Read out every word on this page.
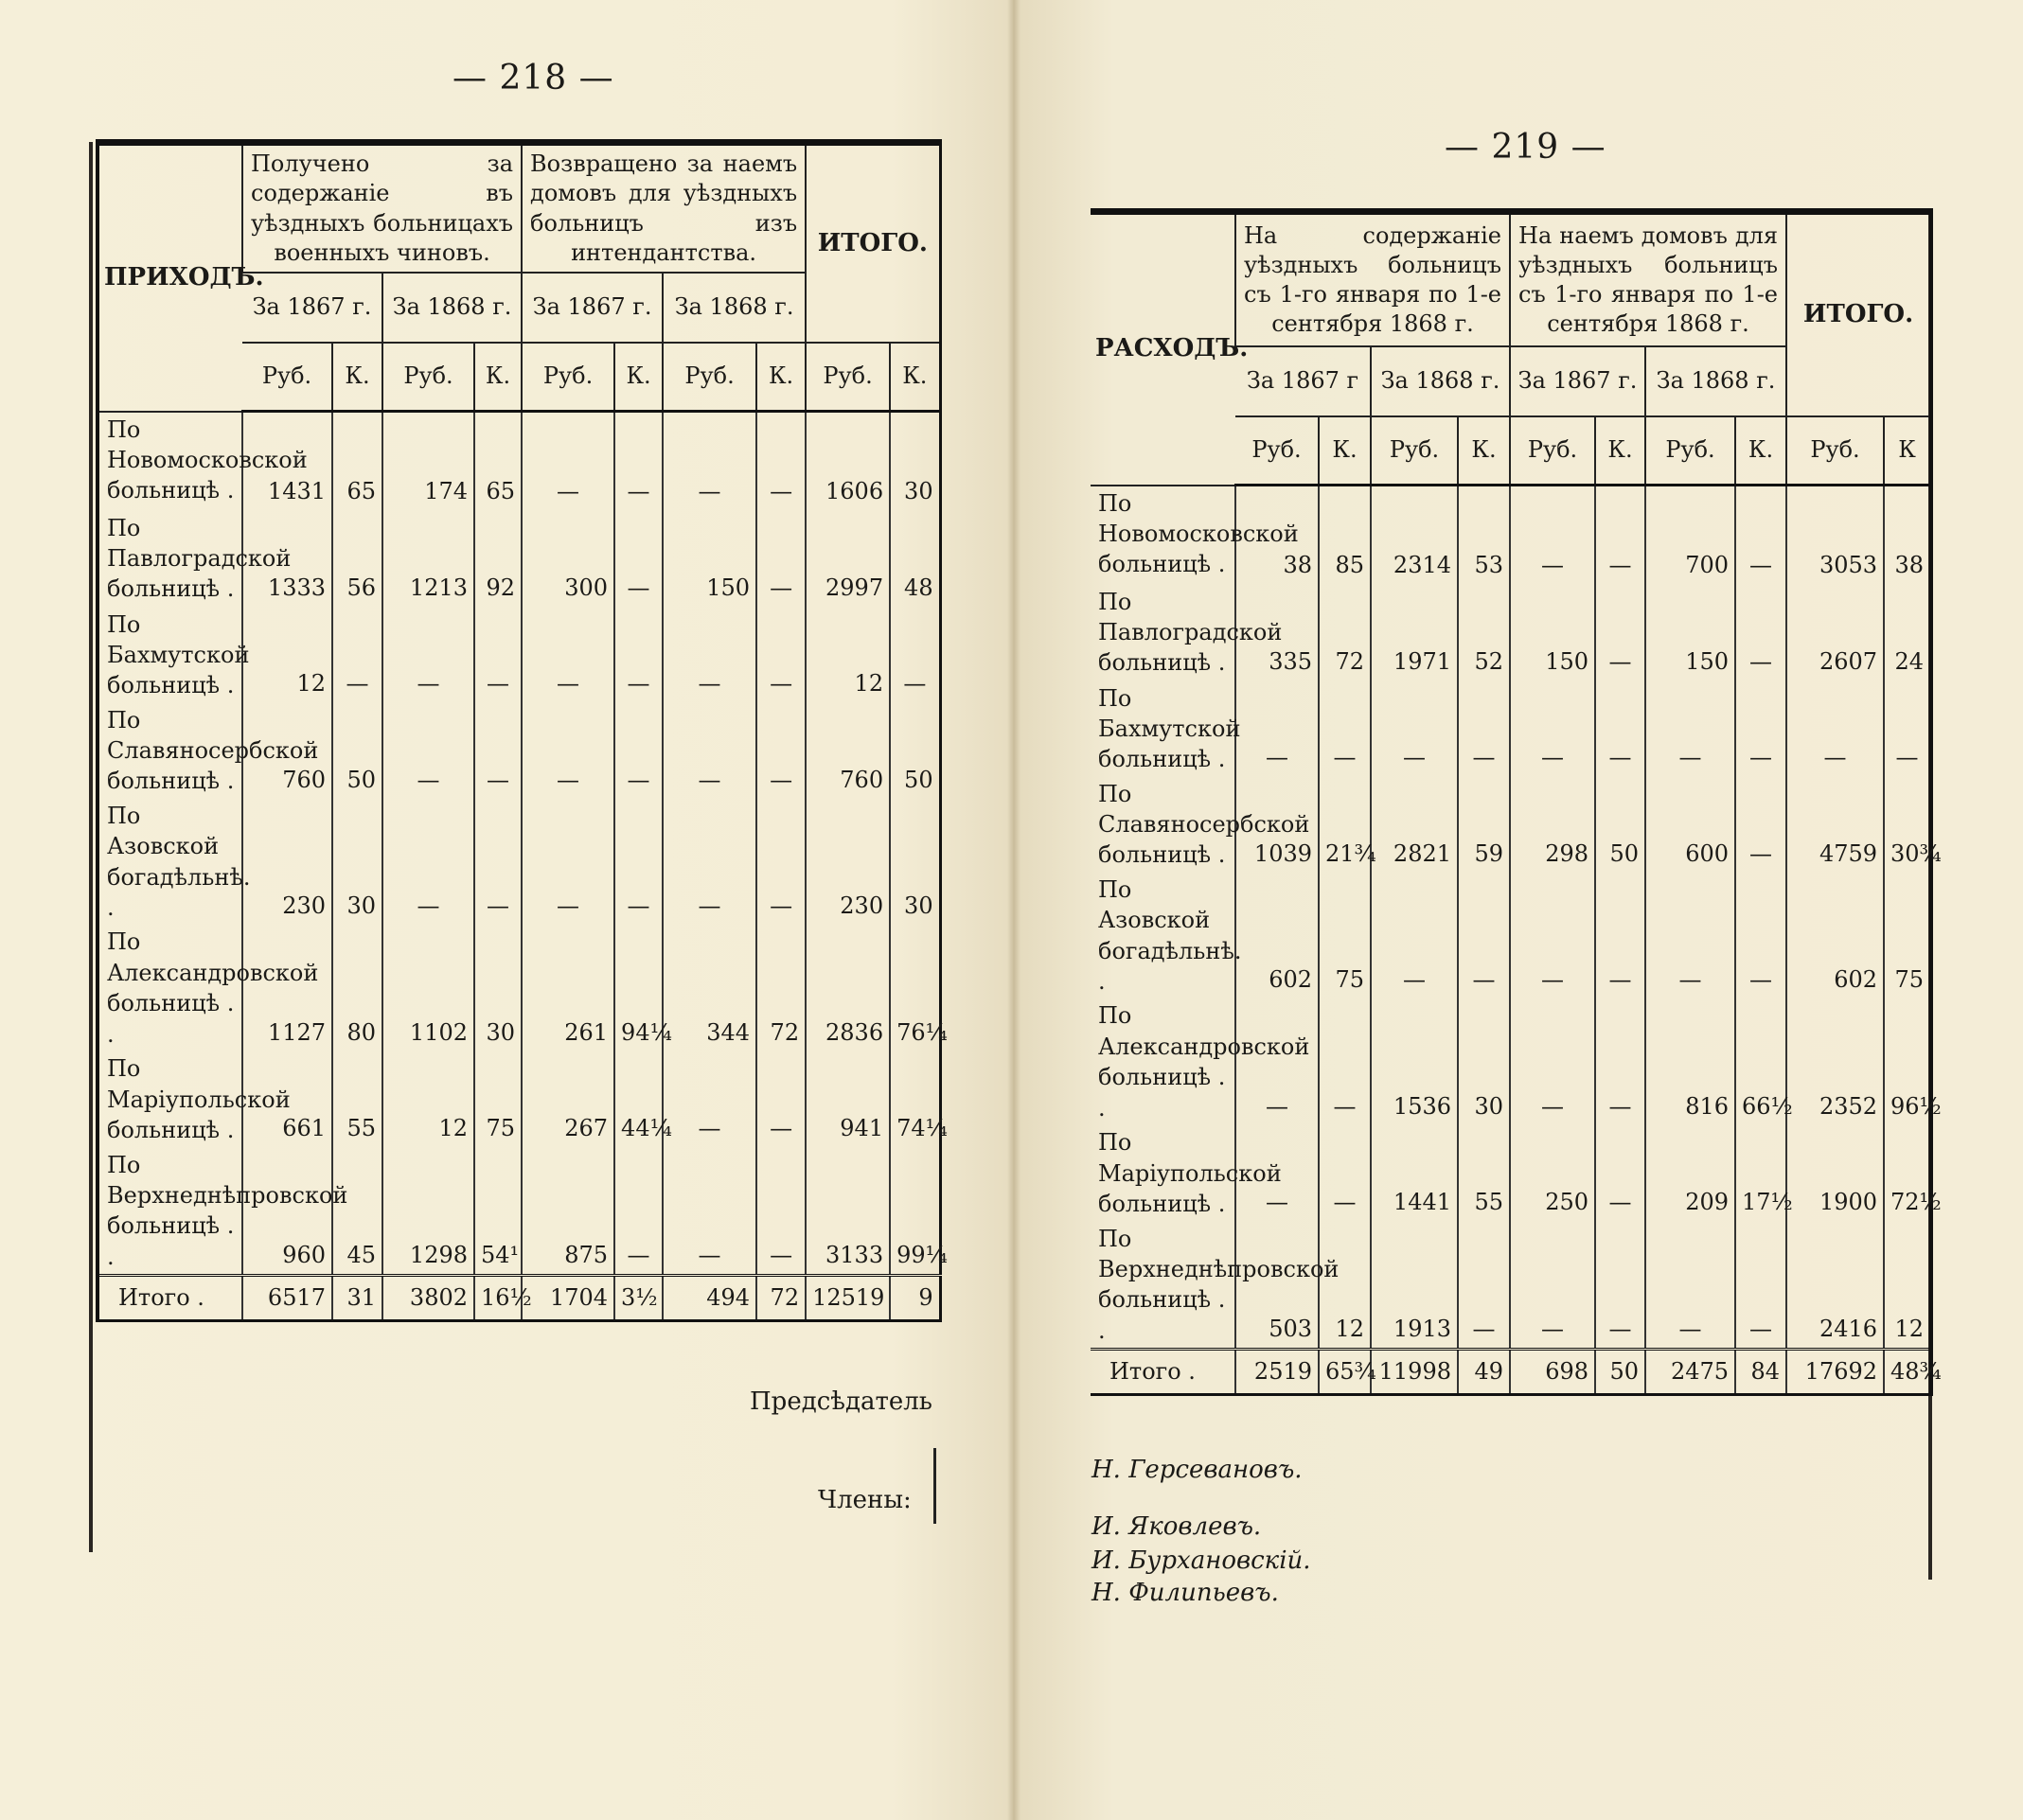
— 218 —
— 219 —
ПРИХОДЪ.	Получено за содержаніе въ уѣздныхъ больницахъ военныхъ чиновъ.				Возвращено за наемъ домовъ для уѣздныхъ больницъ изъ интендантства.				ИТОГО.	
	За 1867 г.		За 1868 г.		За 1867 г.		За 1868 г.			
	Руб.	К.	Руб.	К.	Руб.	К.	Руб.	К.	Руб.	К.
По Новомосковской больницѣ .	1431	65	174	65	—	—	—	—	1606	30
По Павлоградской больницѣ .	1333	56	1213	92	300	—	150	—	2997	48
По Бахмутской больницѣ .	12	—	—	—	—	—	—	—	12	—
По Славяносербской больницѣ .	760	50	—	—	—	—	—	—	760	50
По Азовской богадѣльнѣ. .	230	30	—	—	—	—	—	—	230	30
По Александровской больницѣ . .	1127	80	1102	30	261	94¼	344	72	2836	76¼
По Маріупольской больницѣ .	661	55	12	75	267	44¼	—	—	941	74¼
По Верхнеднѣпровской больницѣ . .	960	45	1298	54¹	875	—	—	—	3133	99¼
Итого .	6517	31	3802	16½	1704	3½	494	72	12519	9
РАСХОДЪ.	На содержаніе уѣздныхъ больницъ съ 1-го января по 1-е сентября 1868 г.				На наемъ домовъ для уѣздныхъ больницъ съ 1-го января по 1-е сентября 1868 г.				ИТОГО.	
	За 1867 г		За 1868 г.		За 1867 г.		За 1868 г.			
	Руб.	К.	Руб.	К.	Руб.	К.	Руб.	К.	Руб.	К
По Новомосковской больницѣ .	38	85	2314	53	—	—	700	—	3053	38
По Павлоградской больницѣ .	335	72	1971	52	150	—	150	—	2607	24
По Бахмутской больницѣ .	—	—	—	—	—	—	—	—	—	—
По Славяносербской больницѣ .	1039	21¾	2821	59	298	50	600	—	4759	30¾
По Азовской богадѣльнѣ. .	602	75	—	—	—	—	—	—	602	75
По Александровской больницѣ . .	—	—	1536	30	—	—	816	66½	2352	96½
По Маріупольской больницѣ .	—	—	1441	55	250	—	209	17½	1900	72½
По Верхнеднѣпровской больницѣ . .	503	12	1913	—	—	—	—	—	2416	12
Итого .	2519	65¾	11998	49	698	50	2475	84	17692	48¾
Предсѣдатель
Члены:
Н. Герсевановъ.
И. Яковлевъ.
И. Бурхановскій.
Н. Филипьевъ.
